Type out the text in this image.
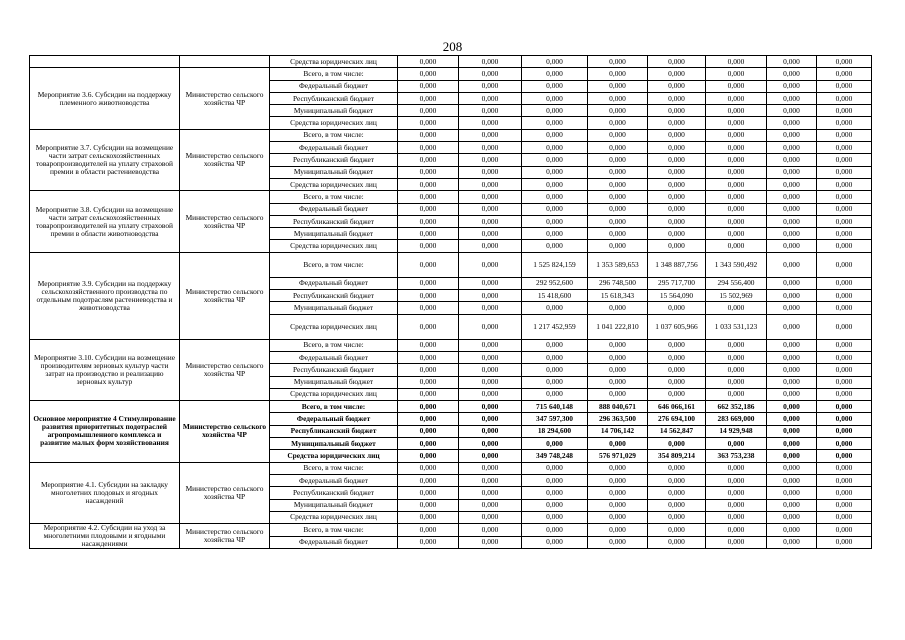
208
		Средства юридических лиц	0,000	0,000	0,000	0,000	0,000	0,000	0,000	0,000
Мероприятие 3.6. Субсидии на поддержку племенного животноводства	Министерство сельского хозяйства ЧР	Всего, в том числе:	0,000	0,000	0,000	0,000	0,000	0,000	0,000	0,000
		Федеральный бюджет	0,000	0,000	0,000	0,000	0,000	0,000	0,000	0,000
		Республиканский бюджет	0,000	0,000	0,000	0,000	0,000	0,000	0,000	0,000
		Муниципальный бюджет	0,000	0,000	0,000	0,000	0,000	0,000	0,000	0,000
		Средства юридических лиц	0,000	0,000	0,000	0,000	0,000	0,000	0,000	0,000
Мероприятие 3.7. Субсидии на возмещение части затрат сельскохозяйственных товаропроизводителей на уплату страховой премии в области растениеводства	Министерство сельского хозяйства ЧР	Всего, в том числе:	0,000	0,000	0,000	0,000	0,000	0,000	0,000	0,000
		Федеральный бюджет	0,000	0,000	0,000	0,000	0,000	0,000	0,000	0,000
		Республиканский бюджет	0,000	0,000	0,000	0,000	0,000	0,000	0,000	0,000
		Муниципальный бюджет	0,000	0,000	0,000	0,000	0,000	0,000	0,000	0,000
		Средства юридических лиц	0,000	0,000	0,000	0,000	0,000	0,000	0,000	0,000
Мероприятие 3.8. Субсидии на возмещение части затрат сельскохозяйственных товаропроизводителей на уплату страховой премии в области животноводства	Министерство сельского хозяйства ЧР	Всего, в том числе:	0,000	0,000	0,000	0,000	0,000	0,000	0,000	0,000
		Федеральный бюджет	0,000	0,000	0,000	0,000	0,000	0,000	0,000	0,000
		Республиканский бюджет	0,000	0,000	0,000	0,000	0,000	0,000	0,000	0,000
		Муниципальный бюджет	0,000	0,000	0,000	0,000	0,000	0,000	0,000	0,000
		Средства юридических лиц	0,000	0,000	0,000	0,000	0,000	0,000	0,000	0,000
Мероприятие 3.9. Субсидии на поддержку сельскохозяйственного производства по отдельным подотраслям растениеводства и животноводства	Министерство сельского хозяйства ЧР	Всего, в том числе:	0,000	0,000	1 525 824,159	1 353 589,653	1 348 887,756	1 343 590,492	0,000	0,000
		Федеральный бюджет	0,000	0,000	292 952,600	296 748,500	295 717,700	294 556,400	0,000	0,000
		Республиканский бюджет	0,000	0,000	15 418,600	15 618,343	15 564,090	15 502,969	0,000	0,000
		Муниципальный бюджет	0,000	0,000	0,000	0,000	0,000	0,000	0,000	0,000
		Средства юридических лиц	0,000	0,000	1 217 452,959	1 041 222,810	1 037 605,966	1 033 531,123	0,000	0,000
Мероприятие 3.10. Субсидии на возмещение производителям зерновых культур части затрат на производство и реализацию зерновых культур	Министерство сельского хозяйства ЧР	Всего, в том числе:	0,000	0,000	0,000	0,000	0,000	0,000	0,000	0,000
		Федеральный бюджет	0,000	0,000	0,000	0,000	0,000	0,000	0,000	0,000
		Республиканский бюджет	0,000	0,000	0,000	0,000	0,000	0,000	0,000	0,000
		Муниципальный бюджет	0,000	0,000	0,000	0,000	0,000	0,000	0,000	0,000
		Средства юридических лиц	0,000	0,000	0,000	0,000	0,000	0,000	0,000	0,000
Основное мероприятие 4 Стимулирование развития приоритетных подотраслей агропромышленного комплекса и развитие малых форм хозяйствования	Министерство сельского хозяйства ЧР	Всего, в том числе:	0,000	0,000	715 640,148	888 040,671	646 066,161	662 352,186	0,000	0,000
		Федеральный бюджет	0,000	0,000	347 597,300	296 363,500	276 694,100	283 669,000	0,000	0,000
		Республиканский бюджет	0,000	0,000	18 294,600	14 706,142	14 562,847	14 929,948	0,000	0,000
		Муниципальный бюджет	0,000	0,000	0,000	0,000	0,000	0,000	0,000	0,000
		Средства юридических лиц	0,000	0,000	349 748,248	576 971,029	354 809,214	363 753,238	0,000	0,000
Мероприятие 4.1. Субсидии на закладку многолетних плодовых и ягодных насаждений	Министерство сельского хозяйства ЧР	Всего, в том числе:	0,000	0,000	0,000	0,000	0,000	0,000	0,000	0,000
		Федеральный бюджет	0,000	0,000	0,000	0,000	0,000	0,000	0,000	0,000
		Республиканский бюджет	0,000	0,000	0,000	0,000	0,000	0,000	0,000	0,000
		Муниципальный бюджет	0,000	0,000	0,000	0,000	0,000	0,000	0,000	0,000
		Средства юридических лиц	0,000	0,000	0,000	0,000	0,000	0,000	0,000	0,000
Мероприятие 4.2. Субсидии на уход за многолетними плодовыми и ягодными насаждениями	Министерство сельского хозяйства ЧР	Всего, в том числе:	0,000	0,000	0,000	0,000	0,000	0,000	0,000	0,000
		Федеральный бюджет	0,000	0,000	0,000	0,000	0,000	0,000	0,000	0,000
